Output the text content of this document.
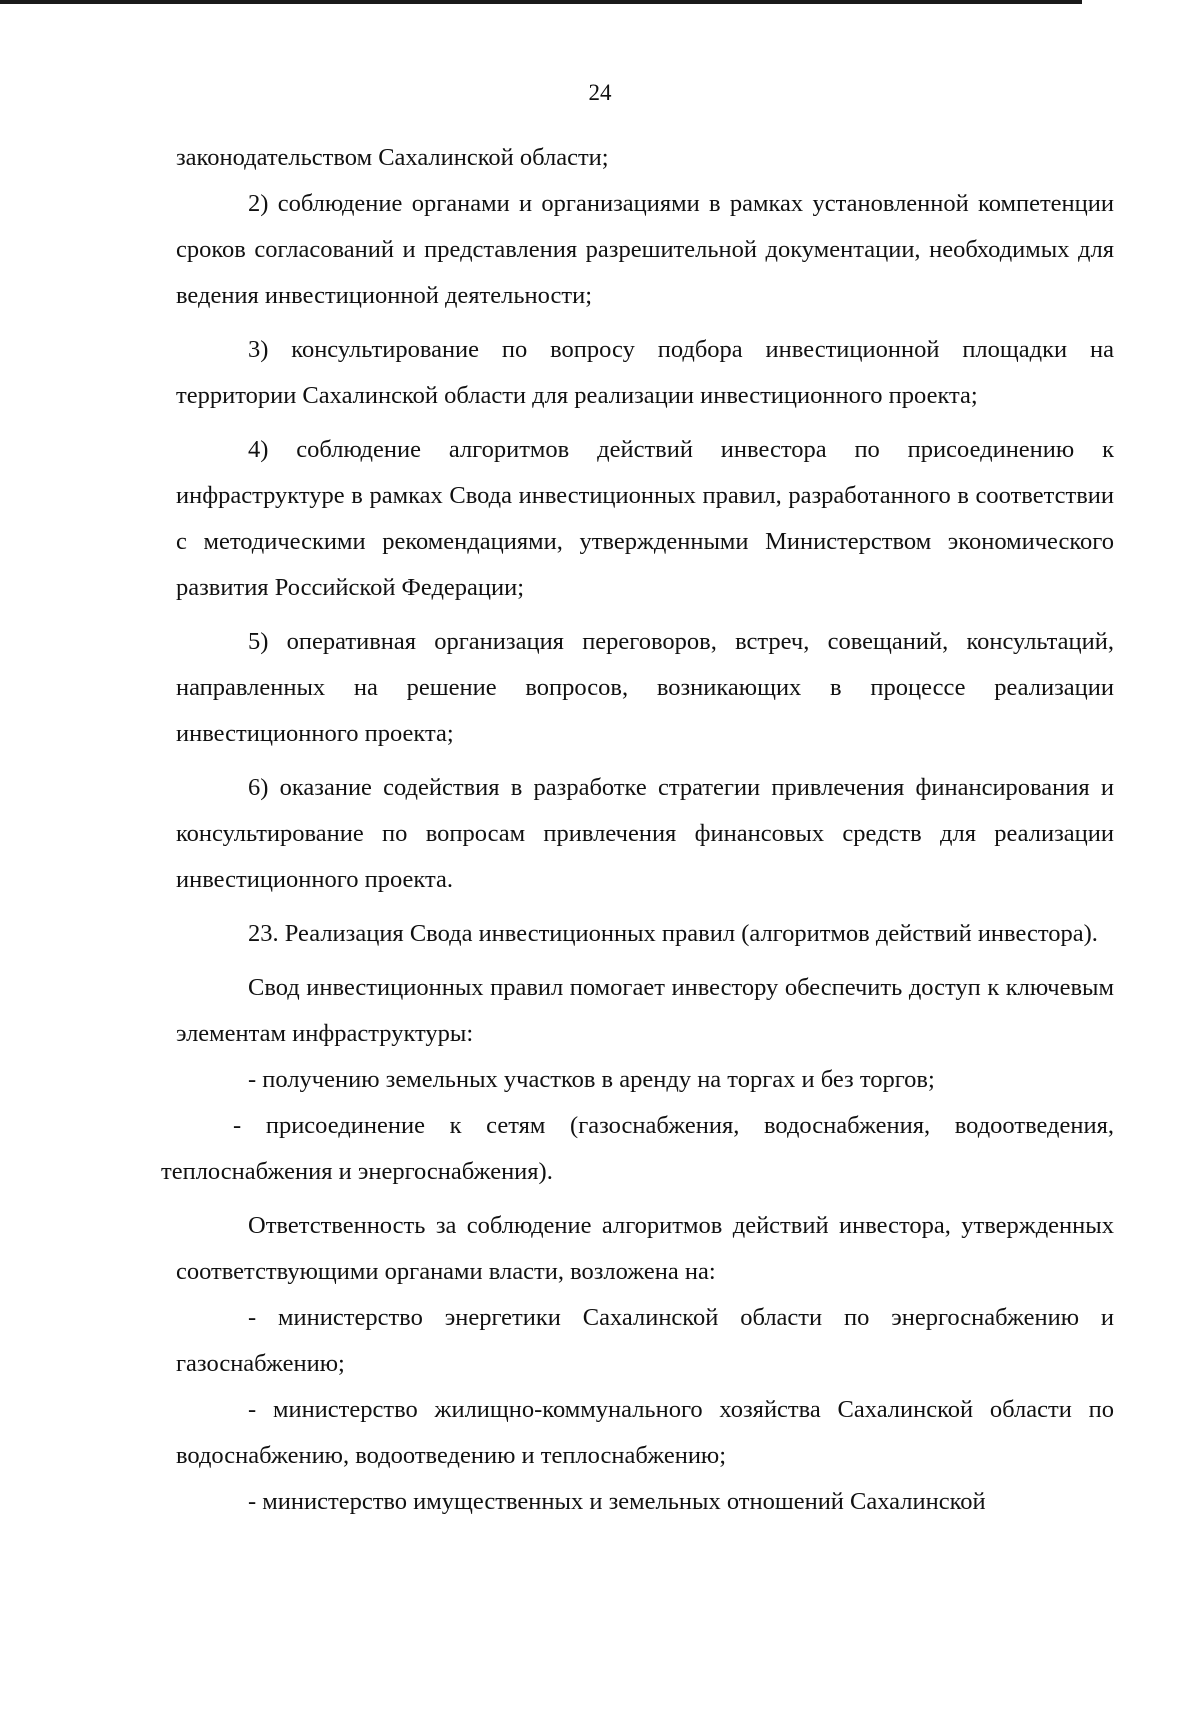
24

законодательством Сахалинской области;

2) соблюдение органами и организациями в рамках установленной компетенции сроков согласований и представления разрешительной документации, необходимых для ведения инвестиционной деятельности;

3) консультирование по вопросу подбора инвестиционной площадки на территории Сахалинской области для реализации инвестиционного проекта;

4) соблюдение алгоритмов действий инвестора по присоединению к инфраструктуре в рамках Свода инвестиционных правил, разработанного в соответствии с методическими рекомендациями, утвержденными Министерством экономического развития Российской Федерации;

5) оперативная организация переговоров, встреч, совещаний, консультаций, направленных на решение вопросов, возникающих в процессе реализации инвестиционного проекта;

6) оказание содействия в разработке стратегии привлечения финансирования и консультирование по вопросам привлечения финансовых средств для реализации инвестиционного проекта.

23. Реализация Свода инвестиционных правил (алгоритмов действий инвестора).

Свод инвестиционных правил помогает инвестору обеспечить доступ к ключевым элементам инфраструктуры:

- получению земельных участков в аренду на торгах и без торгов;

- присоединение к сетям (газоснабжения, водоснабжения, водоотведения, теплоснабжения и энергоснабжения).

Ответственность за соблюдение алгоритмов действий инвестора, утвержденных соответствующими органами власти, возложена на:

- министерство энергетики Сахалинской области по энергоснабжению и газоснабжению;

- министерство жилищно-коммунального хозяйства Сахалинской области по водоснабжению, водоотведению и теплоснабжению;

- министерство имущественных и земельных отношений Сахалинской
